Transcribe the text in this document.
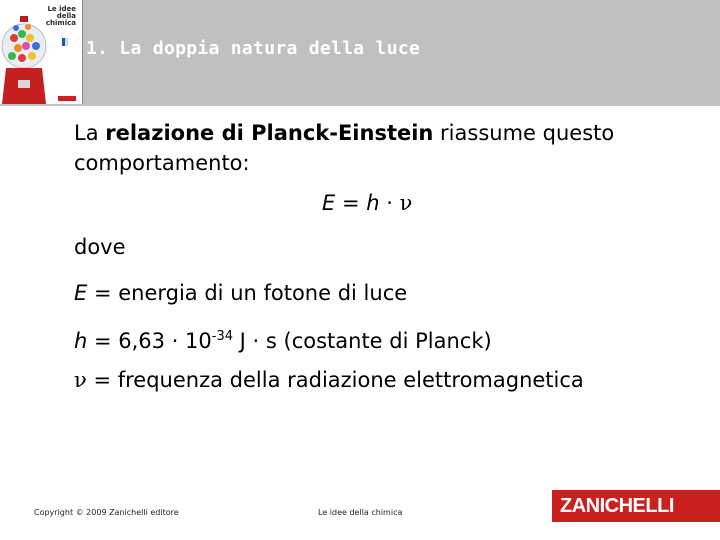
Le idee
della
chimica
1. La doppia natura della luce
La relazione di Planck-Einstein riassume questo comportamento:
E = h · ν
dove
E = energia di un fotone di luce
$h = 6,63 \cdot 10^{-34}$ J · s (costante di Planck)
ν = frequenza della radiazione elettromagnetica
Copyright © 2009 Zanichelli editore	Le idee della chimica	ZANICHELLI
